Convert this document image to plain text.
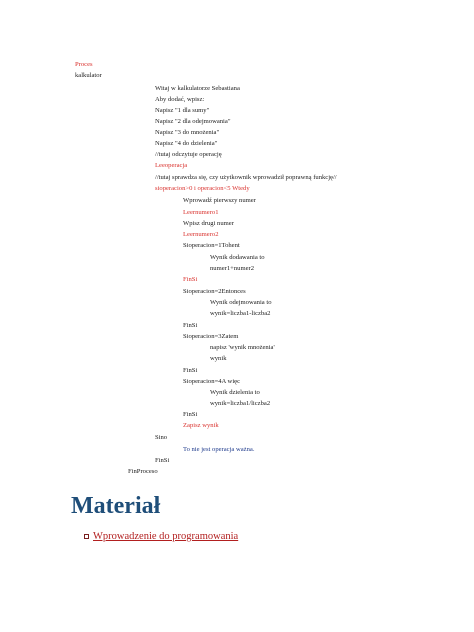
Proces
kalkulator
Witaj w kalkulatorze Sebastiana
Aby dodać, wpisz:
Napisz "1 dla sumy"
Napisz "2 dla odejmowania"
Napisz "3 do mnożenia"
Napisz "4 do dzielenia"
//tutaj odczytuje operację
Leeoperacja
//tutaj sprawdza się, czy użytkownik wprowadził poprawną funkcję//
sioperacion>0 i operacion<5 Wtedy
Wprowadź pierwszy numer
Leernumero1
Wpisz drugi numer
Leernumero2
Sioperacion=1Tohent
Wynik dodawania to
numer1+numer2
FinSi
Sioperacion=2Entonces
Wynik odejmowania to
wynik=liczba1-liczba2
FinSi
Sioperacion=3Zatem
napisz 'wynik mnożenia'
wynik
FinSi
Sioperacion=4A więc
Wynik dzielenia to
wynik=liczba1/liczba2
FinSi
Zapisz wynik
Sino
To nie jest operacja ważna.
FinSi
FinProceso
Materiał
Wprowadzenie do programowania
